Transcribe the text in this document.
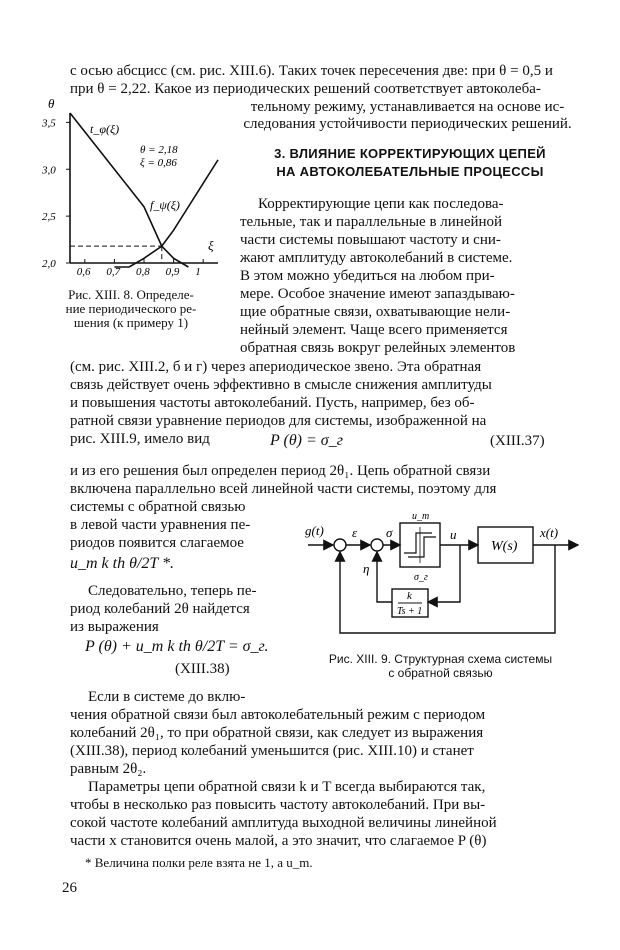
с осью абсцисс (см. рис. XIII.6). Таких точек пересечения две: при θ = 0,5 и
при θ = 2,22. Какое из периодических решений соответствует автоколеба-
тельному режиму, устанавливается на основе ис-
следования устойчивости периодических решений.
3,5
3,0
2,5
2,0
0,6 0,7 0,8 0,9 1
θ
ξ
t_φ(ξ)
f_ψ(ξ)
θ = 2,18
ξ = 0,86
Рис. XIII. 8. Определе-
ние периодического ре-
шения (к примеру 1)
3. ВЛИЯНИЕ КОРРЕКТИРУЮЩИХ ЦЕПЕЙ
НА АВТОКОЛЕБАТЕЛЬНЫЕ ПРОЦЕССЫ
Корректирующие цепи как последова-
тельные, так и параллельные в линейной
части системы повышают частоту и сни-
жают амплитуду автоколебаний в системе.
В этом можно убедиться на любом при-
мере. Особое значение имеют запаздываю-
щие обратные связи, охватывающие нели-
нейный элемент. Чаще всего применяется
обратная связь вокруг релейных элементов
(см. рис. XIII.2, б и г) через апериодическое звено. Эта обратная
связь действует очень эффективно в смысле снижения амплитуды
и повышения частоты автоколебаний. Пусть, например, без об-
ратной связи уравнение периодов для системы, изображенной на
рис. XIII.9, имело вид	P (θ) = σ_г	(XIII.37)
и из его решения был определен период 2θ₁. Цепь обратной связи
включена параллельно всей линейной части системы, поэтому для
системы с обратной связью
в левой части уравнения пе-
риодов появится слагаемое
u_m k th θ/2T *.
Следовательно, теперь пе-
риод колебаний 2θ найдется
из выражения
P (θ) + u_m k th θ/2T = σ_г.
(XIII.38)
g(t) ε σ
η
u_m
σ_г
u
W(s)
x(t)
k
Ts + 1
Рис. XIII. 9. Структурная схема системы
с обратной связью
Если в системе до вклю-
чения обратной связи был автоколебательный режим с периодом
колебаний 2θ₁, то при обратной связи, как следует из выражения
(XIII.38), период колебаний уменьшится (рис. XIII.10) и станет
равным 2θ₂.
Параметры цепи обратной связи k и T всегда выбираются так,
чтобы в несколько раз повысить частоту автоколебаний. При вы-
сокой частоте колебаний амплитуда выходной величины линейной
части x становится очень малой, а это значит, что слагаемое P (θ)
* Величина полки реле взята не 1, а u_m.
26
